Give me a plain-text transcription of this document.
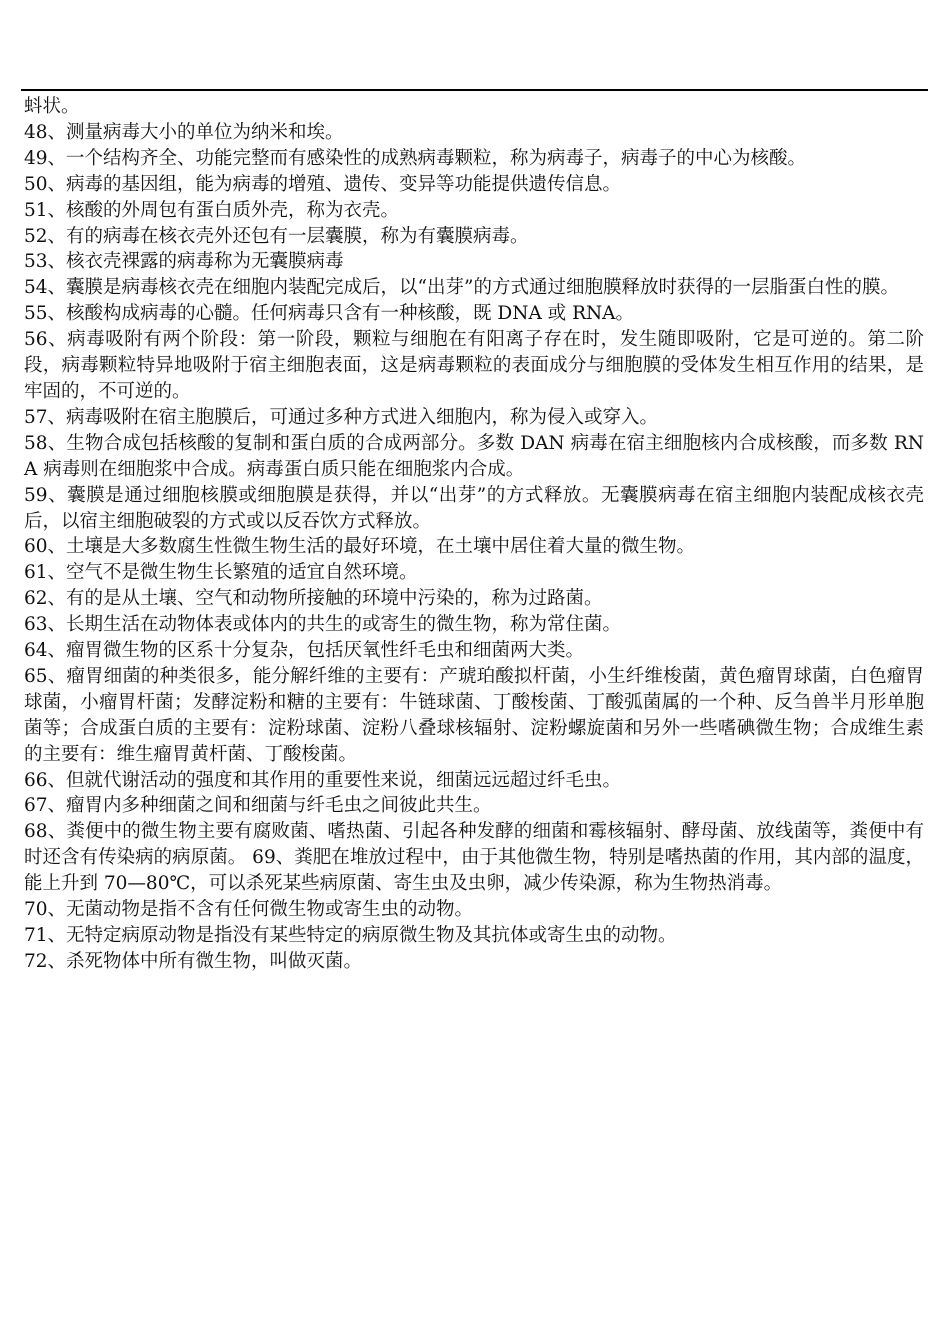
蚪状。

48、测量病毒大小的单位为纳米和埃。

49、一个结构齐全、功能完整而有感染性的成熟病毒颗粒，称为病毒子，病毒子的中心为核酸。

50、病毒的基因组，能为病毒的增殖、遗传、变异等功能提供遗传信息。

51、核酸的外周包有蛋白质外壳，称为衣壳。

52、有的病毒在核衣壳外还包有一层囊膜，称为有囊膜病毒。

53、核衣壳裸露的病毒称为无囊膜病毒

54、囊膜是病毒核衣壳在细胞内装配完成后，以“出芽”的方式通过细胞膜释放时获得的一层脂蛋白性的膜。

55、核酸构成病毒的心髓。任何病毒只含有一种核酸，既 DNA 或 RNA。

56、病毒吸附有两个阶段：第一阶段，颗粒与细胞在有阳离子存在时，发生随即吸附，它是可逆的。第二阶段，病毒颗粒特异地吸附于宿主细胞表面，这是病毒颗粒的表面成分与细胞膜的受体发生相互作用的结果，是牢固的，不可逆的。

57、病毒吸附在宿主胞膜后，可通过多种方式进入细胞内，称为侵入或穿入。

58、生物合成包括核酸的复制和蛋白质的合成两部分。多数 DAN 病毒在宿主细胞核内合成核酸，而多数 RNA 病毒则在细胞浆中合成。病毒蛋白质只能在细胞浆内合成。

59、囊膜是通过细胞核膜或细胞膜是获得，并以“出芽”的方式释放。无囊膜病毒在宿主细胞内装配成核衣壳后，以宿主细胞破裂的方式或以反吞饮方式释放。

60、土壤是大多数腐生性微生物生活的最好环境，在土壤中居住着大量的微生物。

61、空气不是微生物生长繁殖的适宜自然环境。

62、有的是从土壤、空气和动物所接触的环境中污染的，称为过路菌。

63、长期生活在动物体表或体内的共生的或寄生的微生物，称为常住菌。

64、瘤胃微生物的区系十分复杂，包括厌氧性纤毛虫和细菌两大类。

65、瘤胃细菌的种类很多，能分解纤维的主要有：产琥珀酸拟杆菌，小生纤维梭菌，黄色瘤胃球菌，白色瘤胃球菌，小瘤胃杆菌；发酵淀粉和糖的主要有：牛链球菌、丁酸梭菌、丁酸弧菌属的一个种、反刍兽半月形单胞菌等；合成蛋白质的主要有：淀粉球菌、淀粉八叠球核辐射、淀粉螺旋菌和另外一些嗜碘微生物；合成维生素的主要有：维生瘤胃黄杆菌、丁酸梭菌。

66、但就代谢活动的强度和其作用的重要性来说，细菌远远超过纤毛虫。

67、瘤胃内多种细菌之间和细菌与纤毛虫之间彼此共生。

68、粪便中的微生物主要有腐败菌、嗜热菌、引起各种发酵的细菌和霉核辐射、酵母菌、放线菌等，粪便中有时还含有传染病的病原菌。 69、粪肥在堆放过程中，由于其他微生物，特别是嗜热菌的作用，其内部的温度，能上升到 70—80℃，可以杀死某些病原菌、寄生虫及虫卵，减少传染源，称为生物热消毒。

70、无菌动物是指不含有任何微生物或寄生虫的动物。

71、无特定病原动物是指没有某些特定的病原微生物及其抗体或寄生虫的动物。

72、杀死物体中所有微生物，叫做灭菌。
